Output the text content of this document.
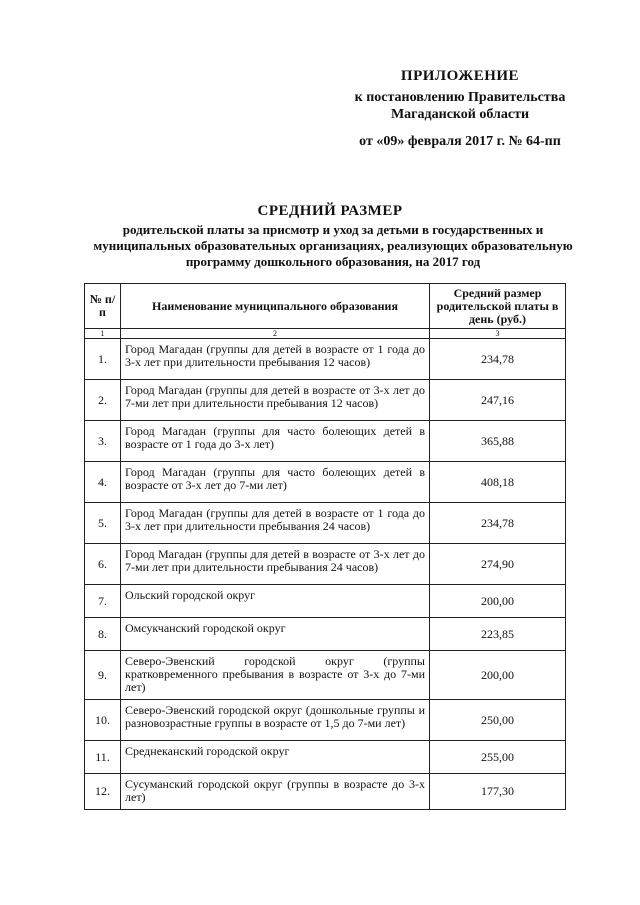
ПРИЛОЖЕНИЕ
к постановлению Правительства
Магаданской области
от «09» февраля 2017 г. № 64-пп
СРЕДНИЙ РАЗМЕР
родительской платы за присмотр и уход за детьми в государственных и муниципальных образовательных организациях, реализующих образовательную программу дошкольного образования, на 2017 год
№ п/п	Наименование муниципального образования	Средний размер родительской платы в день (руб.)
1	2	3
1.	Город Магадан (группы для детей в возрасте от 1 года до 3-х лет при длительности пребывания 12 часов)	234,78
2.	Город Магадан (группы для детей в возрасте от 3-х лет до 7-ми лет при длительности пребывания 12 часов)	247,16
3.	Город Магадан (группы для часто болеющих детей в возрасте от 1 года до 3-х лет)	365,88
4.	Город Магадан (группы для часто болеющих детей в возрасте от 3-х лет до 7-ми лет)	408,18
5.	Город Магадан (группы для детей в возрасте от 1 года до 3-х лет при длительности пребывания 24 часов)	234,78
6.	Город Магадан (группы для детей в возрасте от 3-х лет до 7-ми лет при длительности пребывания 24 часов)	274,90
7.	Ольский городской округ	200,00
8.	Омсукчанский городской округ	223,85
9.	Северо-Эвенский городской округ (группы кратковременного пребывания в возрасте от 3-х до 7-ми лет)	200,00
10.	Северо-Эвенский городской округ (дошкольные группы и разновозрастные группы в возрасте от 1,5 до 7-ми лет)	250,00
11.	Среднеканский городской округ	255,00
12.	Сусуманский городской округ (группы в возрасте до 3-х лет)	177,30
